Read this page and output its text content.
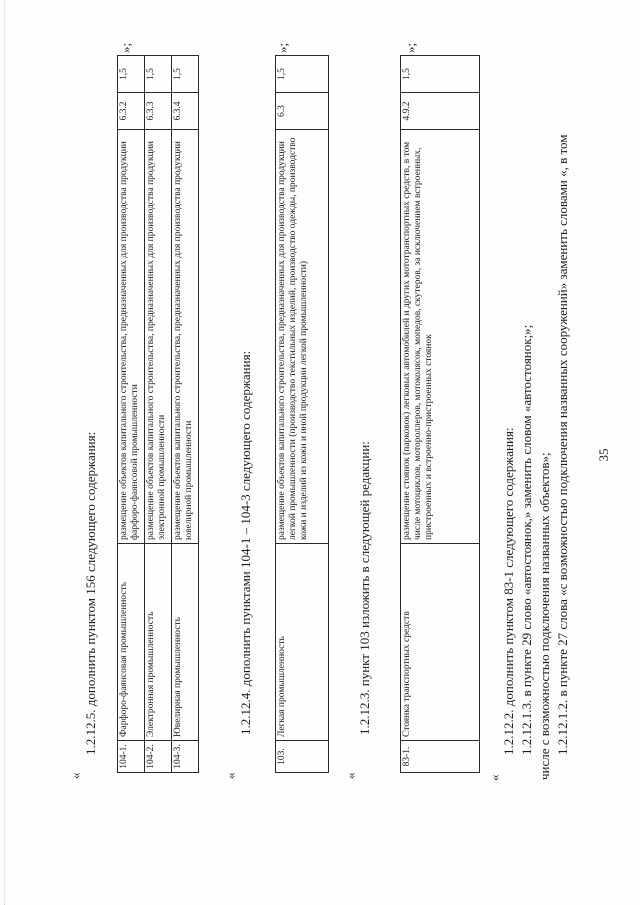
35
1.2.12.1.2. в пункте 27 слова «с возможностью подключения названных сооружений» заменить словами «, в том
числе с возможностью подключения названных объектов»;
1.2.12.1.3. в пункте 29 слово «автостоянок,» заменить словом «автостоянок;»;
1.2.12.2. дополнить пунктом 83-1 следующего содержания:
«
83-1.	Стоянка транспортных средств	размещение стоянок (парковок) легковых автомобилей и других мототранспортных средств, в том числе мотоциклов, мотороллеров, мотоколясок, мопедов, скутеров, за исключением встроенных, пристроенных и встроенно-пристроенных стоянок	4.9.2	1,5
»;
1.2.12.3. пункт 103 изложить в следующей редакции:
«
103.	Легкая промышленность	размещение объектов капитального строительства, предназначенных для производства продукции легкой промышленности (производство текстильных изделий, производство одежды, производство кожи и изделий из кожи и иной продукции легкой промышленности)	6.3	1,5
»;
1.2.12.4. дополнить пунктами 104-1 – 104-3 следующего содержания:
«
104-1.	Фарфоро-фаянсовая промышленность	размещение объектов капитального строительства, предназначенных для производства продукции фарфоро-фаянсовой промышленности	6.3.2	1,5
104-2.	Электронная промышленность	размещение объектов капитального строительства, предназначенных для производства продукции электронной промышленности	6.3.3	1,5
104-3.	Ювелирная промышленность	размещение объектов капитального строительства, предназначенных для производства продукции ювелирной промышленности	6.3.4	1,5
»;
1.2.12.5. дополнить пунктом 156 следующего содержания:
«
